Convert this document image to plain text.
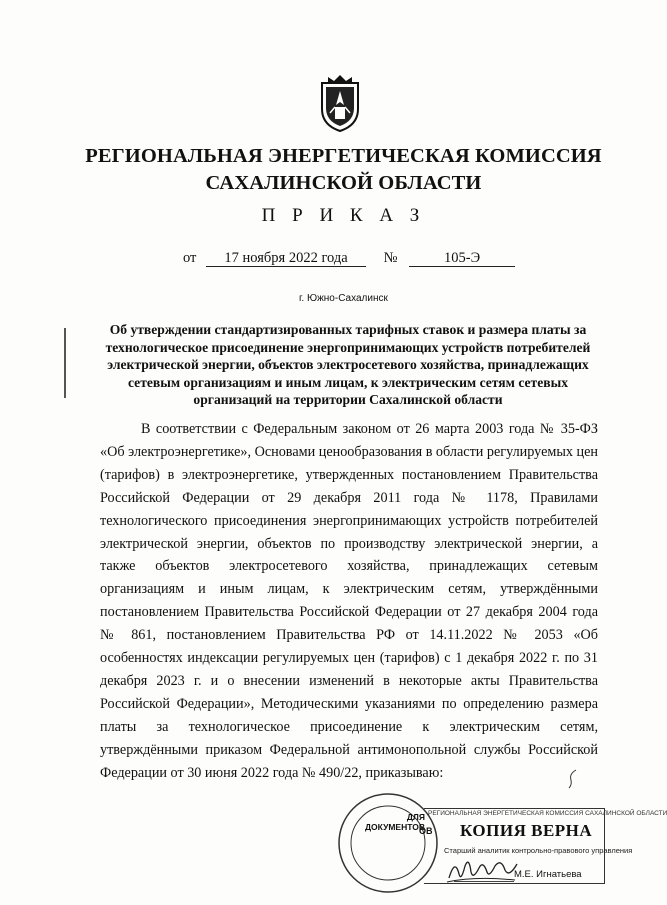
РЕГИОНАЛЬНАЯ ЭНЕРГЕТИЧЕСКАЯ КОМИССИЯ
САХАЛИНСКОЙ ОБЛАСТИ
П Р И К А З
от 17 ноября 2022 года №	105-Э
г. Южно-Сахалинск
Об утверждении стандартизированных тарифных ставок и размера платы за технологическое присоединение энергопринимающих устройств потребителей электрической энергии, объектов электросетевого хозяйства, принадлежащих сетевым организациям и иным лицам, к электрическим сетям сетевых организаций на территории Сахалинской области

В соответствии с Федеральным законом от 26 марта 2003 года № 35-ФЗ «Об электроэнергетике», Основами ценообразования в области регулируемых цен (тарифов) в электроэнергетике, утвержденных постановлением Правительства Российской Федерации от 29 декабря 2011 года № 1178, Правилами технологического присоединения энергопринимающих устройств потребителей электрической энергии, объектов по производству электрической энергии, а также объектов электросетевого хозяйства, принадлежащих сетевым организациям и иным лицам, к электрическим сетям, утверждёнными постановлением Правительства Российской Федерации от 27 декабря 2004 года № 861, постановлением Правительства РФ от 14.11.2022 № 2053 «Об особенностях индексации регулируемых цен (тарифов) с 1 декабря 2022 г. по 31 декабря 2023 г. и о внесении изменений в некоторые акты Правительства Российской Федерации», Методическими указаниями по определению размера платы за технологическое присоединение к электрическим сетям, утверждёнными приказом Федеральной антимонопольной службы Российской Федерации от 30 июня 2022 года № 490/22, приказываю:

ДЛЯ
ДОКУМЕНТОВ
ОВ
РЕГИОНАЛЬНАЯ ЭНЕРГЕТИЧЕСКАЯ КОМИССИЯ САХАЛИНСКОЙ ОБЛАСТИ
КОПИЯ ВЕРНА
Старший аналитик контрольно-правового управления
М.Е. Игнатьева
